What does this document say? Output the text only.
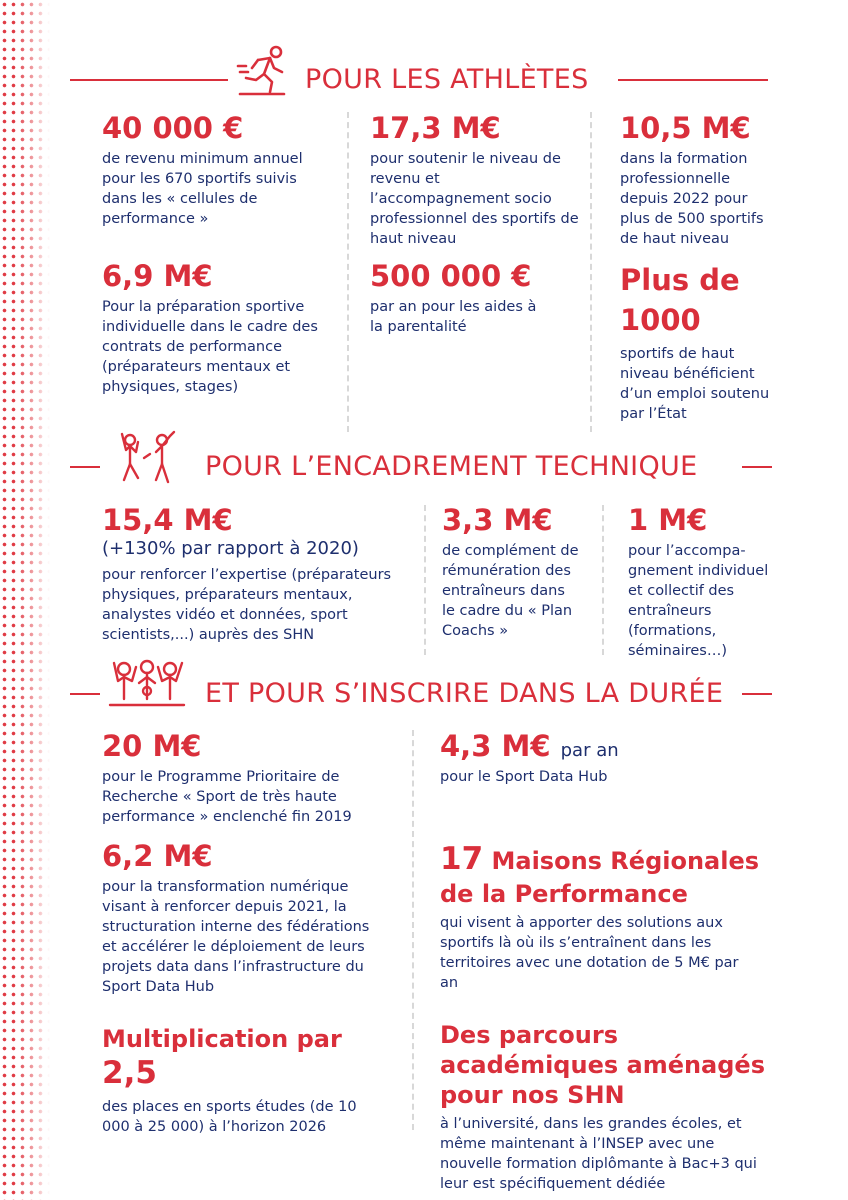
POUR LES ATHLÈTES
40 000 €
de revenu minimum annuel pour les 670 sportifs suivis dans les « cellules de performance »
17,3 M€
pour soutenir le niveau de revenu et l’accompagnement socio professionnel des sportifs de haut niveau
10,5 M€
dans la formation professionnelle depuis 2022 pour plus de 500 sportifs de haut niveau
6,9 M€
Pour la préparation sportive individuelle dans le cadre des contrats de performance (préparateurs mentaux et physiques, stages)
500 000 €
par an pour les aides à la parentalité
Plus de 1000
sportifs de haut niveau bénéficient d’un emploi soutenu par l’État
POUR L’ENCADREMENT TECHNIQUE
15,4 M€
(+130% par rapport à 2020)
pour renforcer l’expertise (préparateurs physiques, préparateurs mentaux, analystes vidéo et données, sport scientists,...) auprès des SHN
3,3 M€
de complément de rémunération des entraîneurs dans le cadre du « Plan Coachs »
1 M€
pour l’accompa-gnement individuel et collectif des entraîneurs (formations, séminaires…)
ET POUR S’INSCRIRE DANS LA DURÉE
20 M€
pour le Programme Prioritaire de Recherche « Sport de très haute performance » enclenché fin 2019
4,3 M€ par an
pour le Sport Data Hub
6,2 M€
pour la transformation numérique visant à renforcer depuis 2021, la structuration interne des fédérations et accélérer le déploiement de leurs projets data dans l’infrastructure du Sport Data Hub
17 Maisons Régionales de la Performance
qui visent à apporter des solutions aux sportifs là où ils s’entraînent dans les territoires avec une dotation de 5 M€ par an
Multiplication par 2,5
des places en sports études (de 10 000 à 25 000) à l’horizon 2026
Des parcours académiques aménagés pour nos SHN
à l’université, dans les grandes écoles, et même maintenant à l’INSEP avec une nouvelle formation diplômante à Bac+3 qui leur est spécifiquement dédiée
